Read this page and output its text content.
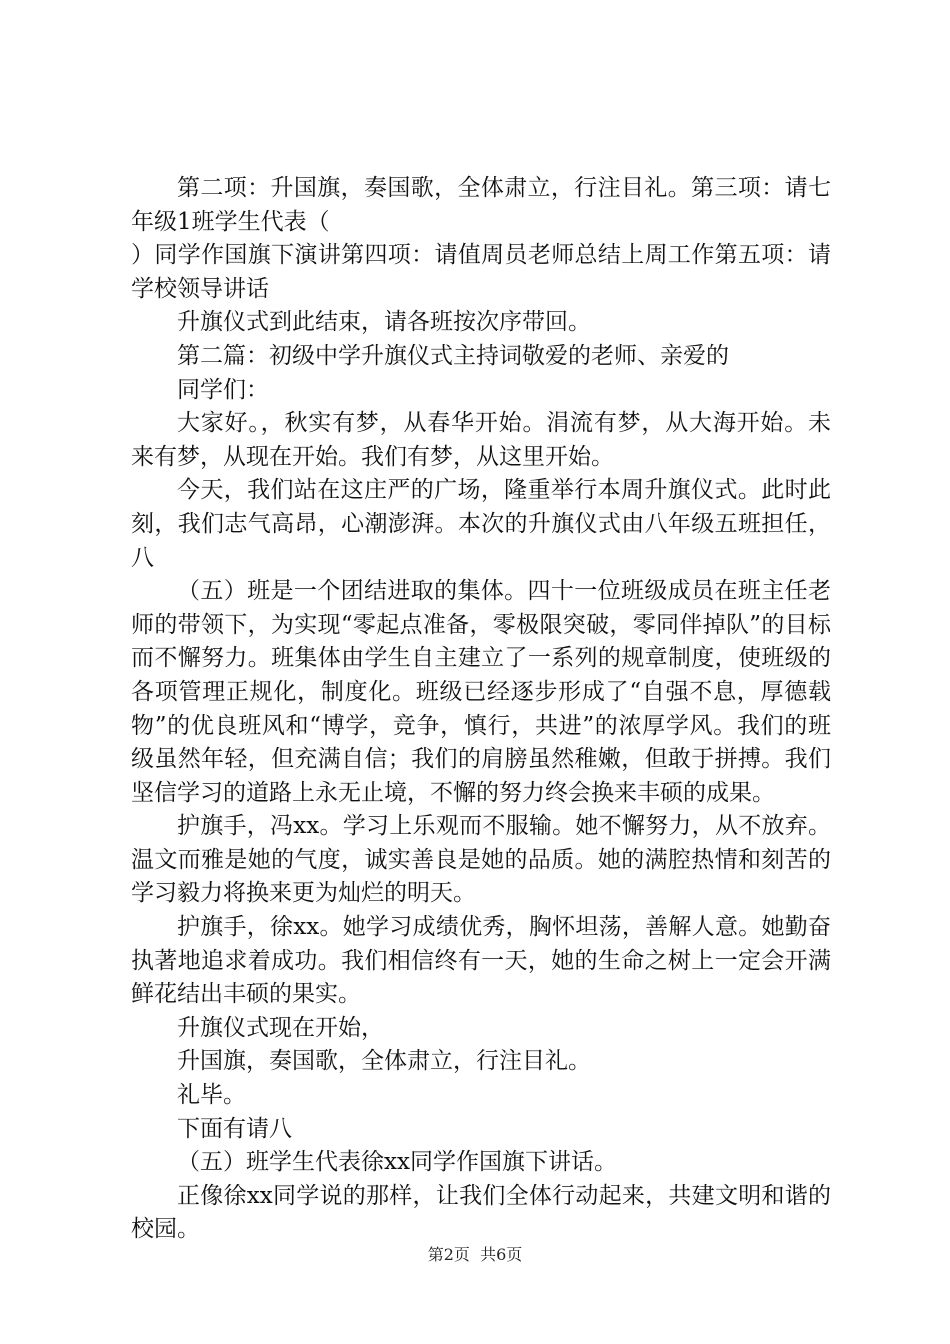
第二项：升国旗，奏国歌，全体肃立，行注目礼。第三项：请七年级1班学生代表（

）同学作国旗下演讲第四项：请值周员老师总结上周工作第五项：请学校领导讲话

升旗仪式到此结束，请各班按次序带回。

第二篇：初级中学升旗仪式主持词敬爱的老师、亲爱的

同学们：

大家好。，秋实有梦，从春华开始。涓流有梦，从大海开始。未来有梦，从现在开始。我们有梦，从这里开始。

今天，我们站在这庄严的广场，隆重举行本周升旗仪式。此时此刻，我们志气高昂，心潮澎湃。本次的升旗仪式由八年级五班担任，八

（五）班是一个团结进取的集体。四十一位班级成员在班主任老师的带领下，为实现“零起点准备，零极限突破，零同伴掉队”的目标而不懈努力。班集体由学生自主建立了一系列的规章制度，使班级的各项管理正规化，制度化。班级已经逐步形成了“自强不息，厚德载物”的优良班风和“博学，竞争，慎行，共进”的浓厚学风。我们的班级虽然年轻，但充满自信；我们的肩膀虽然稚嫩，但敢于拼搏。我们坚信学习的道路上永无止境，不懈的努力终会换来丰硕的成果。

护旗手，冯xx。学习上乐观而不服输。她不懈努力，从不放弃。温文而雅是她的气度，诚实善良是她的品质。她的满腔热情和刻苦的学习毅力将换来更为灿烂的明天。

护旗手，徐xx。她学习成绩优秀，胸怀坦荡，善解人意。她勤奋执著地追求着成功。我们相信终有一天，她的生命之树上一定会开满鲜花结出丰硕的果实。

升旗仪式现在开始，

升国旗，奏国歌，全体肃立，行注目礼。

礼毕。

下面有请八

（五）班学生代表徐xx同学作国旗下讲话。

正像徐xx同学说的那样，让我们全体行动起来，共建文明和谐的校园。

第2页  共6页
